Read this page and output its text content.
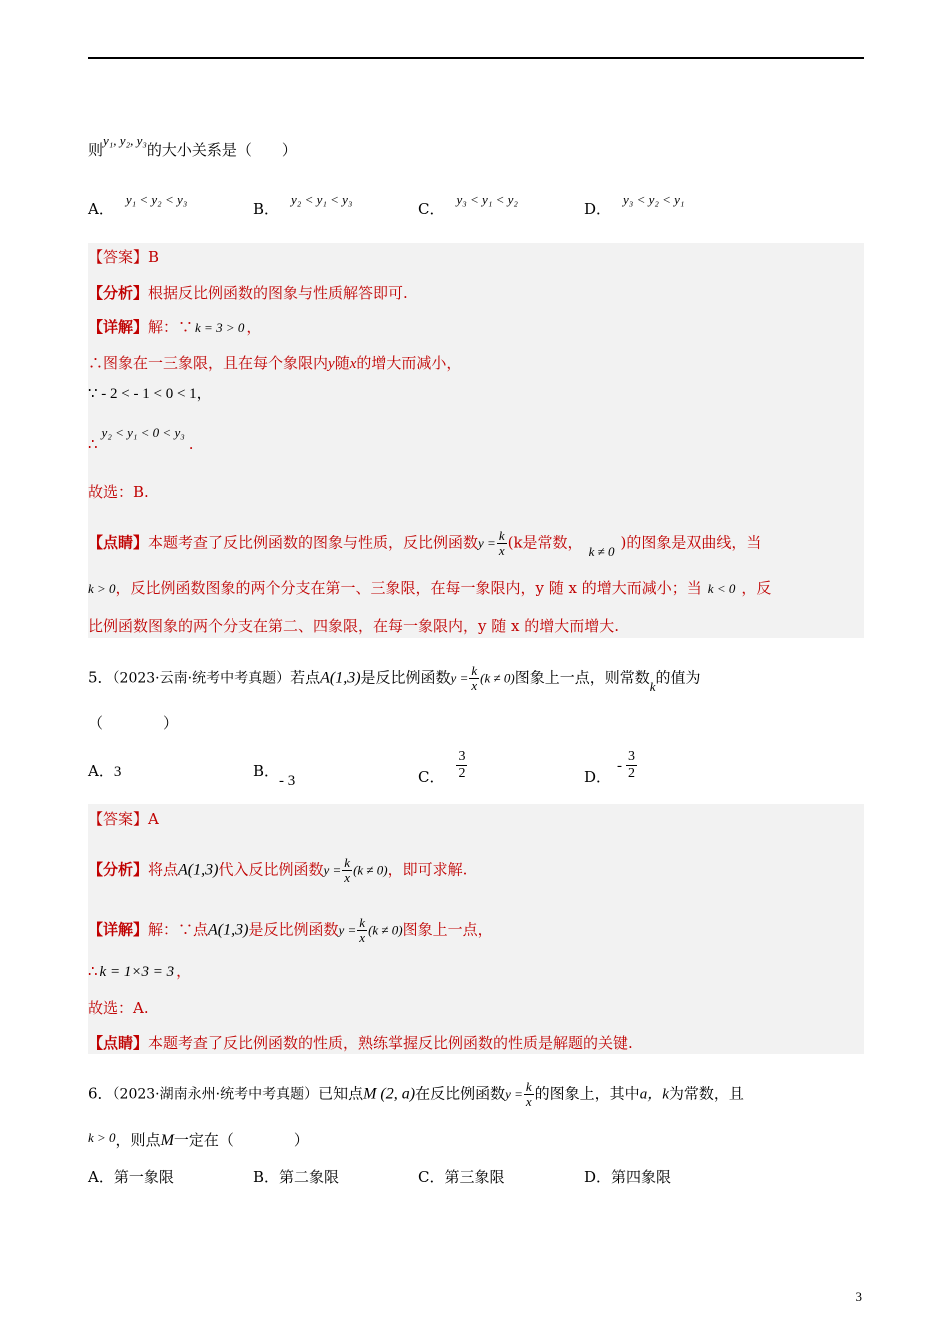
则y₁, y₂, y₃的大小关系是（　　）
A．y₁ < y₂ < y₃
B．y₂ < y₁ < y₃
C．y₃ < y₁ < y₂
D．y₃ < y₂ < y₁
【答案】B
【分析】根据反比例函数的图象与性质解答即可.
【详解】解：∵ k = 3 > 0 ，
∴图象在一三象限，且在每个象限内y随x的增大而减小，
∵ - 2 < - 1 < 0 < 1，
∴y₂ < y₁ < 0 < y₃.
故选：B.
【点睛】本题考查了反比例函数的图象与性质，反比例函数$y = \frac{k}{x} (k$是常数， k ≠ 0 )的图象是双曲线，当
k > 0，反比例函数图象的两个分支在第一、三象限，在每一象限内，y 随 x 的增大而减小；当 k < 0 ，反
比例函数图象的两个分支在第二、四象限，在每一象限内，y 随 x 的增大而增大.
5．（2023·云南·统考中考真题）若点A(1,3)是反比例函数$y = \frac{k}{x} (k \ne 0)$图象上一点，则常数k的值为
（　　　　）
A．3	B．- 3	C． $\frac{3}{2}$	D．- $\frac{3}{2}$
【答案】A
【分析】将点A(1,3)代入反比例函数$y = \frac{k}{x} (k \ne 0)$，即可求解.
【详解】解：∵点A(1,3)是反比例函数$y = \frac{k}{x} (k \ne 0)$图象上一点，
∴ k = 1×3 = 3 ，
故选：A.
【点睛】本题考查了反比例函数的性质，熟练掌握反比例函数的性质是解题的关键.
6．（2023·湖南永州·统考中考真题）已知点M (2, a)在反比例函数$y = \frac{k}{x}$ 的图象上，其中a，k为常数，且
k > 0，则点M一定在（　　　　）
A．第一象限	B．第二象限	C．第三象限	D．第四象限
3
